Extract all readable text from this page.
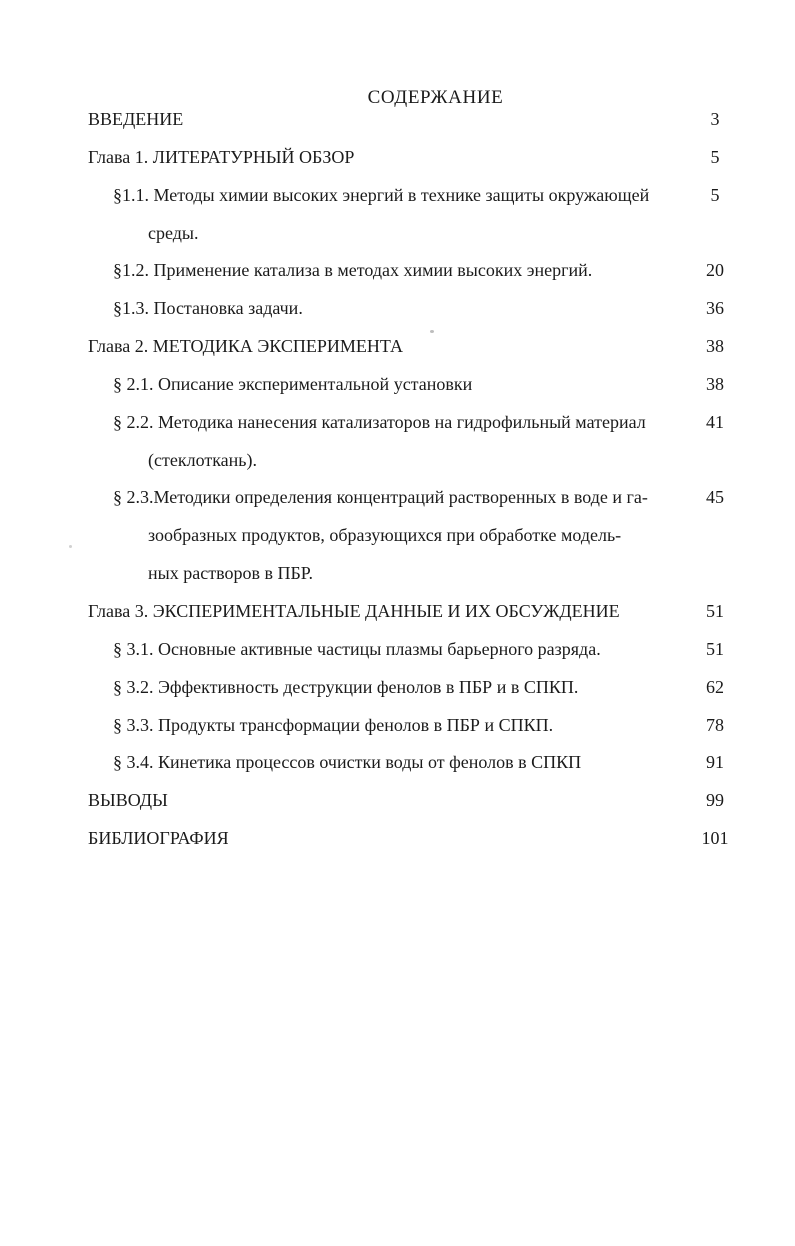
СОДЕРЖАНИЕ
ВВЕДЕНИЕ	3
Глава 1. ЛИТЕРАТУРНЫЙ ОБЗОР	5
§1.1. Методы химии высоких энергий в технике защиты окружающей	5
среды.
§1.2. Применение катализа в методах химии высоких энергий.	20
§1.3. Постановка задачи.	36
Глава 2. МЕТОДИКА ЭКСПЕРИМЕНТА	38
§ 2.1. Описание экспериментальной установки	38
§ 2.2. Методика нанесения катализаторов на гидрофильный материал	41
(стеклоткань).
§ 2.3.Методики определения концентраций растворенных в воде и га-	45
зообразных продуктов, образующихся при обработке модель-
ных растворов в ПБР.
Глава 3. ЭКСПЕРИМЕНТАЛЬНЫЕ ДАННЫЕ И ИХ ОБСУЖДЕНИЕ	51
§ 3.1. Основные активные частицы плазмы барьерного разряда.	51
§ 3.2. Эффективность деструкции фенолов в ПБР и в СПКП.	62
§ 3.3. Продукты трансформации фенолов в ПБР и СПКП.	78
§ 3.4. Кинетика процессов очистки воды от фенолов в СПКП	91
ВЫВОДЫ	99
БИБЛИОГРАФИЯ	101
